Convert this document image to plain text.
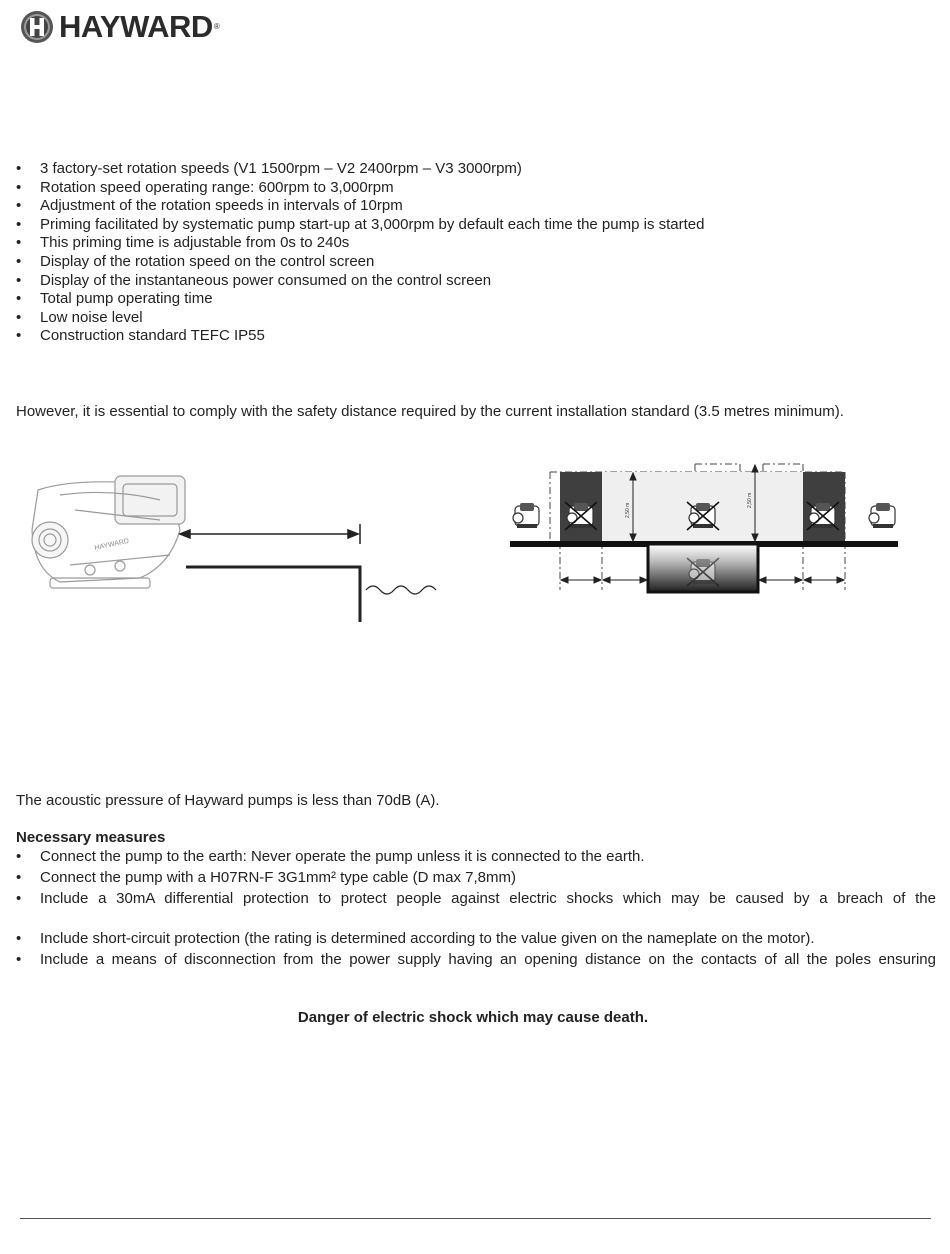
HAYWARD ®
• 3 factory-set rotation speeds (V1 1500rpm – V2 2400rpm – V3 3000rpm)
• Rotation speed operating range: 600rpm to 3,000rpm
• Adjustment of the rotation speeds in intervals of 10rpm
• Priming facilitated by systematic pump start-up at 3,000rpm by default each time the pump is started
• This priming time is adjustable from 0s to 240s
• Display of the rotation speed on the control screen
• Display of the instantaneous power consumed on the control screen
• Total pump operating time
• Low noise level
• Construction standard TEFC IP55
However, it is essential to comply with the safety distance required by the current installation standard (3.5 metres minimum).
HAYWARD
2,50 m
2,50 m
The acoustic pressure of Hayward pumps is less than 70dB (A).
Necessary measures
• Connect the pump to the earth: Never operate the pump unless it is connected to the earth.
• Connect the pump with a H07RN-F 3G1mm² type cable (D max 7,8mm)
• Include a 30mA differential protection to protect people against electric shocks which may be caused by a breach of the
• Include short-circuit protection (the rating is determined according to the value given on the nameplate on the motor).
• Include a means of disconnection from the power supply having an opening distance on the contacts of all the poles ensuring
Danger of electric shock which may cause death.
